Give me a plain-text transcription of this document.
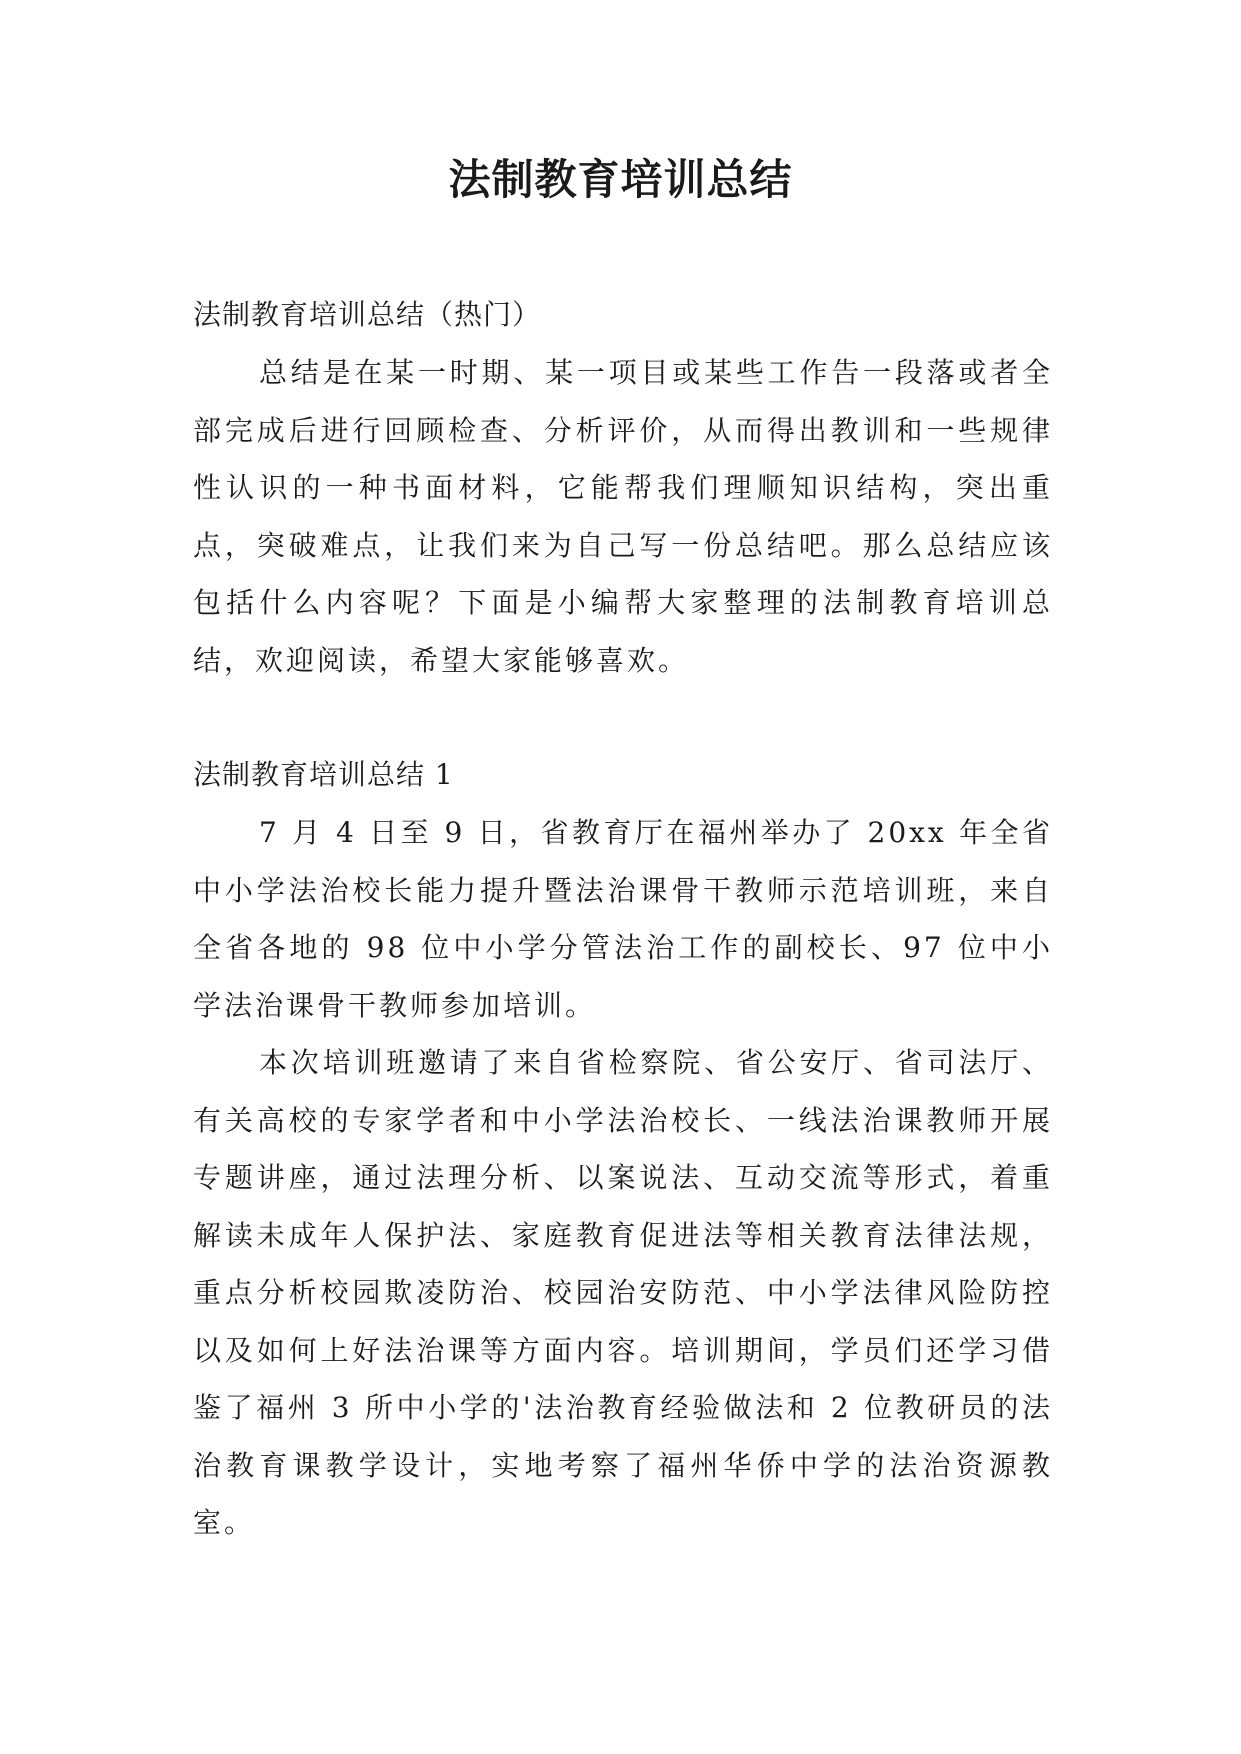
法制教育培训总结

法制教育培训总结（热门）

总结是在某一时期、某一项目或某些工作告一段落或者全部完成后进行回顾检查、分析评价，从而得出教训和一些规律性认识的一种书面材料，它能帮我们理顺知识结构，突出重点，突破难点，让我们来为自己写一份总结吧。那么总结应该包括什么内容呢？下面是小编帮大家整理的法制教育培训总结，欢迎阅读，希望大家能够喜欢。

法制教育培训总结 1

7 月 4 日至 9 日，省教育厅在福州举办了 20xx 年全省中小学法治校长能力提升暨法治课骨干教师示范培训班，来自全省各地的 98 位中小学分管法治工作的副校长、97 位中小学法治课骨干教师参加培训。

本次培训班邀请了来自省检察院、省公安厅、省司法厅、有关高校的专家学者和中小学法治校长、一线法治课教师开展专题讲座，通过法理分析、以案说法、互动交流等形式，着重解读未成年人保护法、家庭教育促进法等相关教育法律法规，重点分析校园欺凌防治、校园治安防范、中小学法律风险防控以及如何上好法治课等方面内容。培训期间，学员们还学习借鉴了福州 3 所中小学的'法治教育经验做法和 2 位教研员的法治教育课教学设计，实地考察了福州华侨中学的法治资源教室。
